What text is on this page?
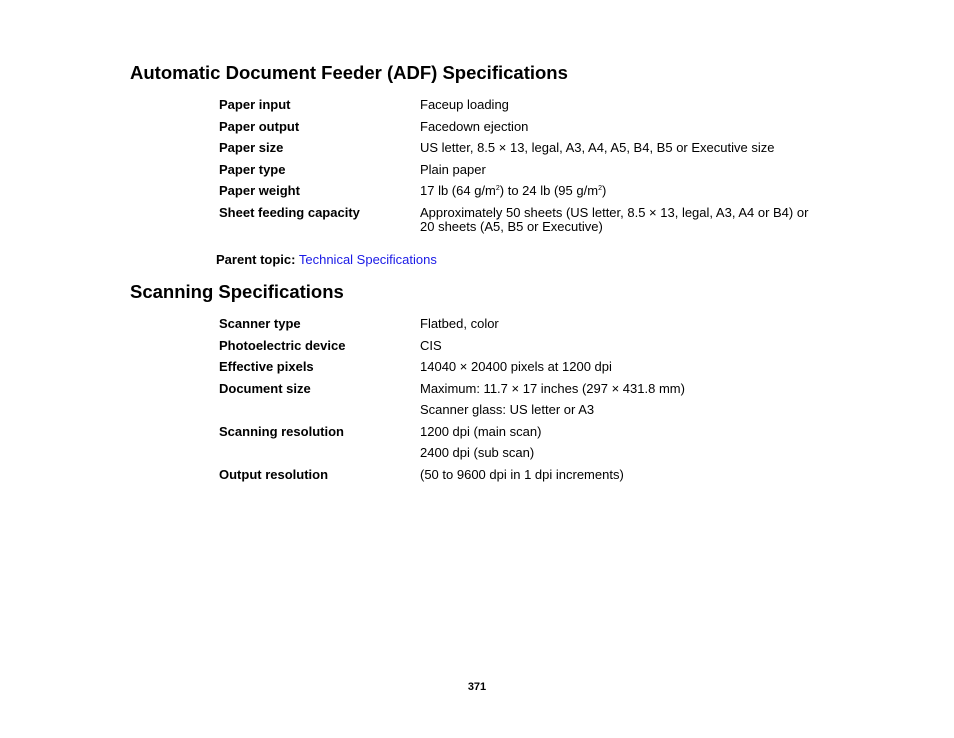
Automatic Document Feeder (ADF) Specifications
Paper input	Faceup loading
Paper output	Facedown ejection
Paper size	US letter, 8.5 × 13, legal, A3, A4, A5, B4, B5 or Executive size
Paper type	Plain paper
Paper weight	17 lb (64 $g/m^2$) to 24 lb (95 $g/m^2$)
Sheet feeding capacity	Approximately 50 sheets (US letter, 8.5 × 13, legal, A3, A4 or B4) or
20 sheets (A5, B5 or Executive)
Parent topic: Technical Specifications
Scanning Specifications
Scanner type	Flatbed, color
Photoelectric device	CIS
Effective pixels	14040 × 20400 pixels at 1200 dpi
Document size	Maximum: 11.7 × 17 inches (297 × 431.8 mm)
Scanner glass: US letter or A3
Scanning resolution	1200 dpi (main scan)
2400 dpi (sub scan)
Output resolution	(50 to 9600 dpi in 1 dpi increments)
371
